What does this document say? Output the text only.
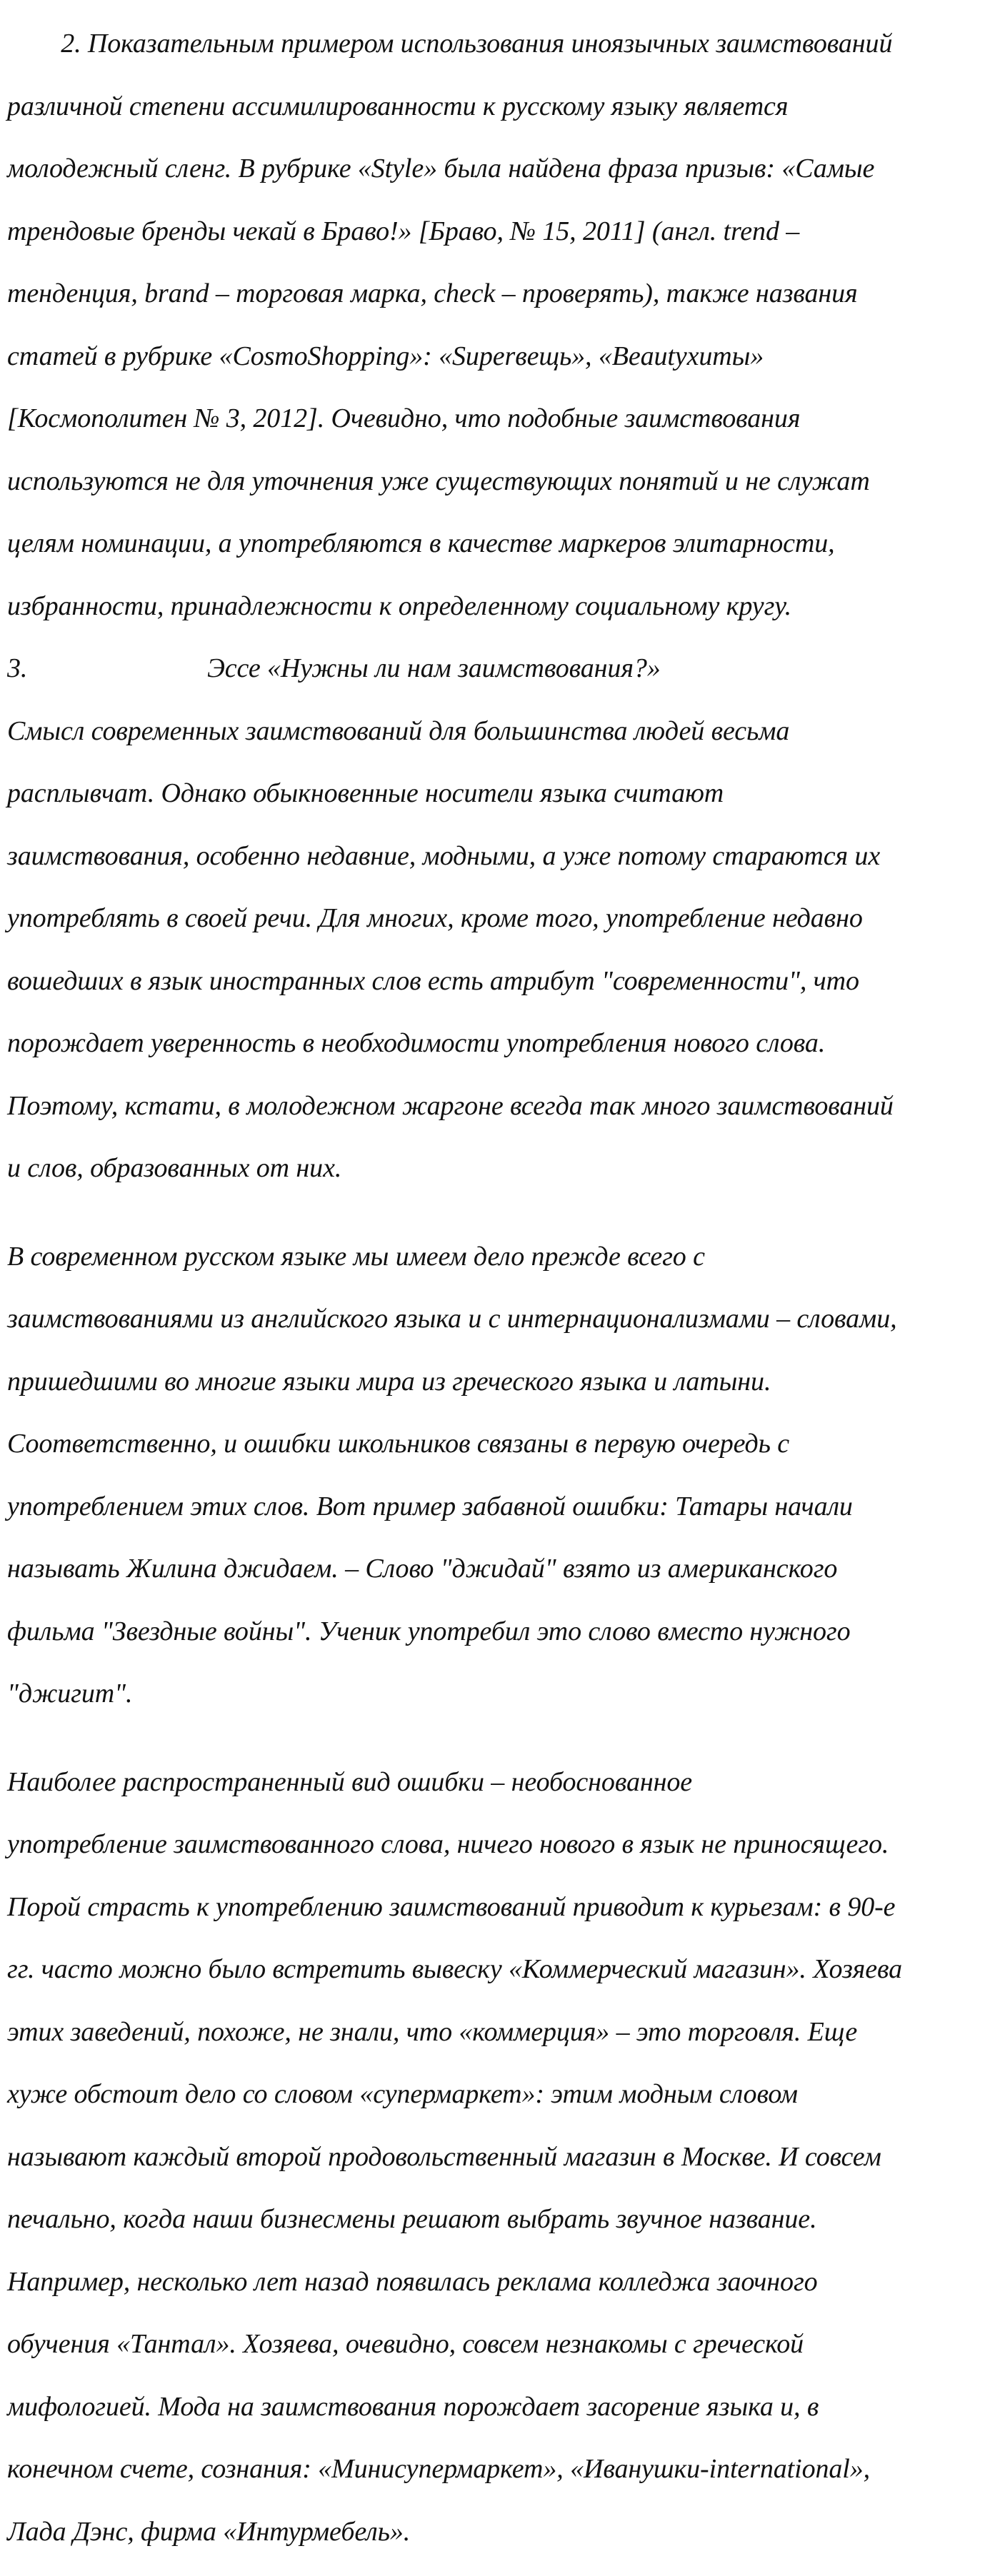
2. Показательным примером использования иноязычных заимствований

различной степени ассимилированности к русскому языку является

молодежный сленг. В рубрике «Style» была найдена фраза призыв: «Самые

трендовые бренды чекай в Браво!» [Браво, № 15, 2011] (англ. trend –

тенденция, brand – торговая марка, check – проверять), также названия

статей в рубрике «CosmoShopping»: «Superвещь», «Beautyхиты»

[Космополитен № 3, 2012]. Очевидно, что подобные заимствования

используются не для уточнения уже существующих понятий и не служат

целям номинации, а употребляются в качестве маркеров элитарности,

избранности, принадлежности к определенному социальному кругу.

3.	Эссе «Нужны ли нам заимствования?»

Смысл современных заимствований для большинства людей весьма

расплывчат. Однако обыкновенные носители языка считают

заимствования, особенно недавние, модными, а уже потому стараются их

употреблять в своей речи. Для многих, кроме того, употребление недавно

вошедших в язык иностранных слов есть атрибут "современности", что

порождает уверенность в необходимости употребления нового слова.

Поэтому, кстати, в молодежном жаргоне всегда так много заимствований

и слов, образованных от них.

В современном русском языке мы имеем дело прежде всего с

заимствованиями из английского языка и с интернационализмами – словами,

пришедшими во многие языки мира из греческого языка и латыни.

Соответственно, и ошибки школьников связаны в первую очередь с

употреблением этих слов. Вот пример забавной ошибки: Татары начали

называть Жилина джидаем. – Слово "джидай" взято из американского

фильма "Звездные войны". Ученик употребил это слово вместо нужного

"джигит".

Наиболее распространенный вид ошибки – необоснованное

употребление заимствованного слова, ничего нового в язык не приносящего.

Порой страсть к употреблению заимствований приводит к курьезам: в 90-е

гг. часто можно было встретить вывеску «Коммерческий магазин». Хозяева

этих заведений, похоже, не знали, что «коммерция» – это торговля. Еще

хуже обстоит дело со словом «супермаркет»: этим модным словом

называют каждый второй продовольственный магазин в Москве. И совсем

печально, когда наши бизнесмены решают выбрать звучное название.

Например, несколько лет назад появилась реклама колледжа заочного

обучения «Тантал». Хозяева, очевидно, совсем незнакомы с греческой

мифологией. Мода на заимствования порождает засорение языка и, в

конечном счете, сознания: «Минисупермаркет», «Иванушки-international»,

Лада Дэнс, фирма «Интурмебель».
